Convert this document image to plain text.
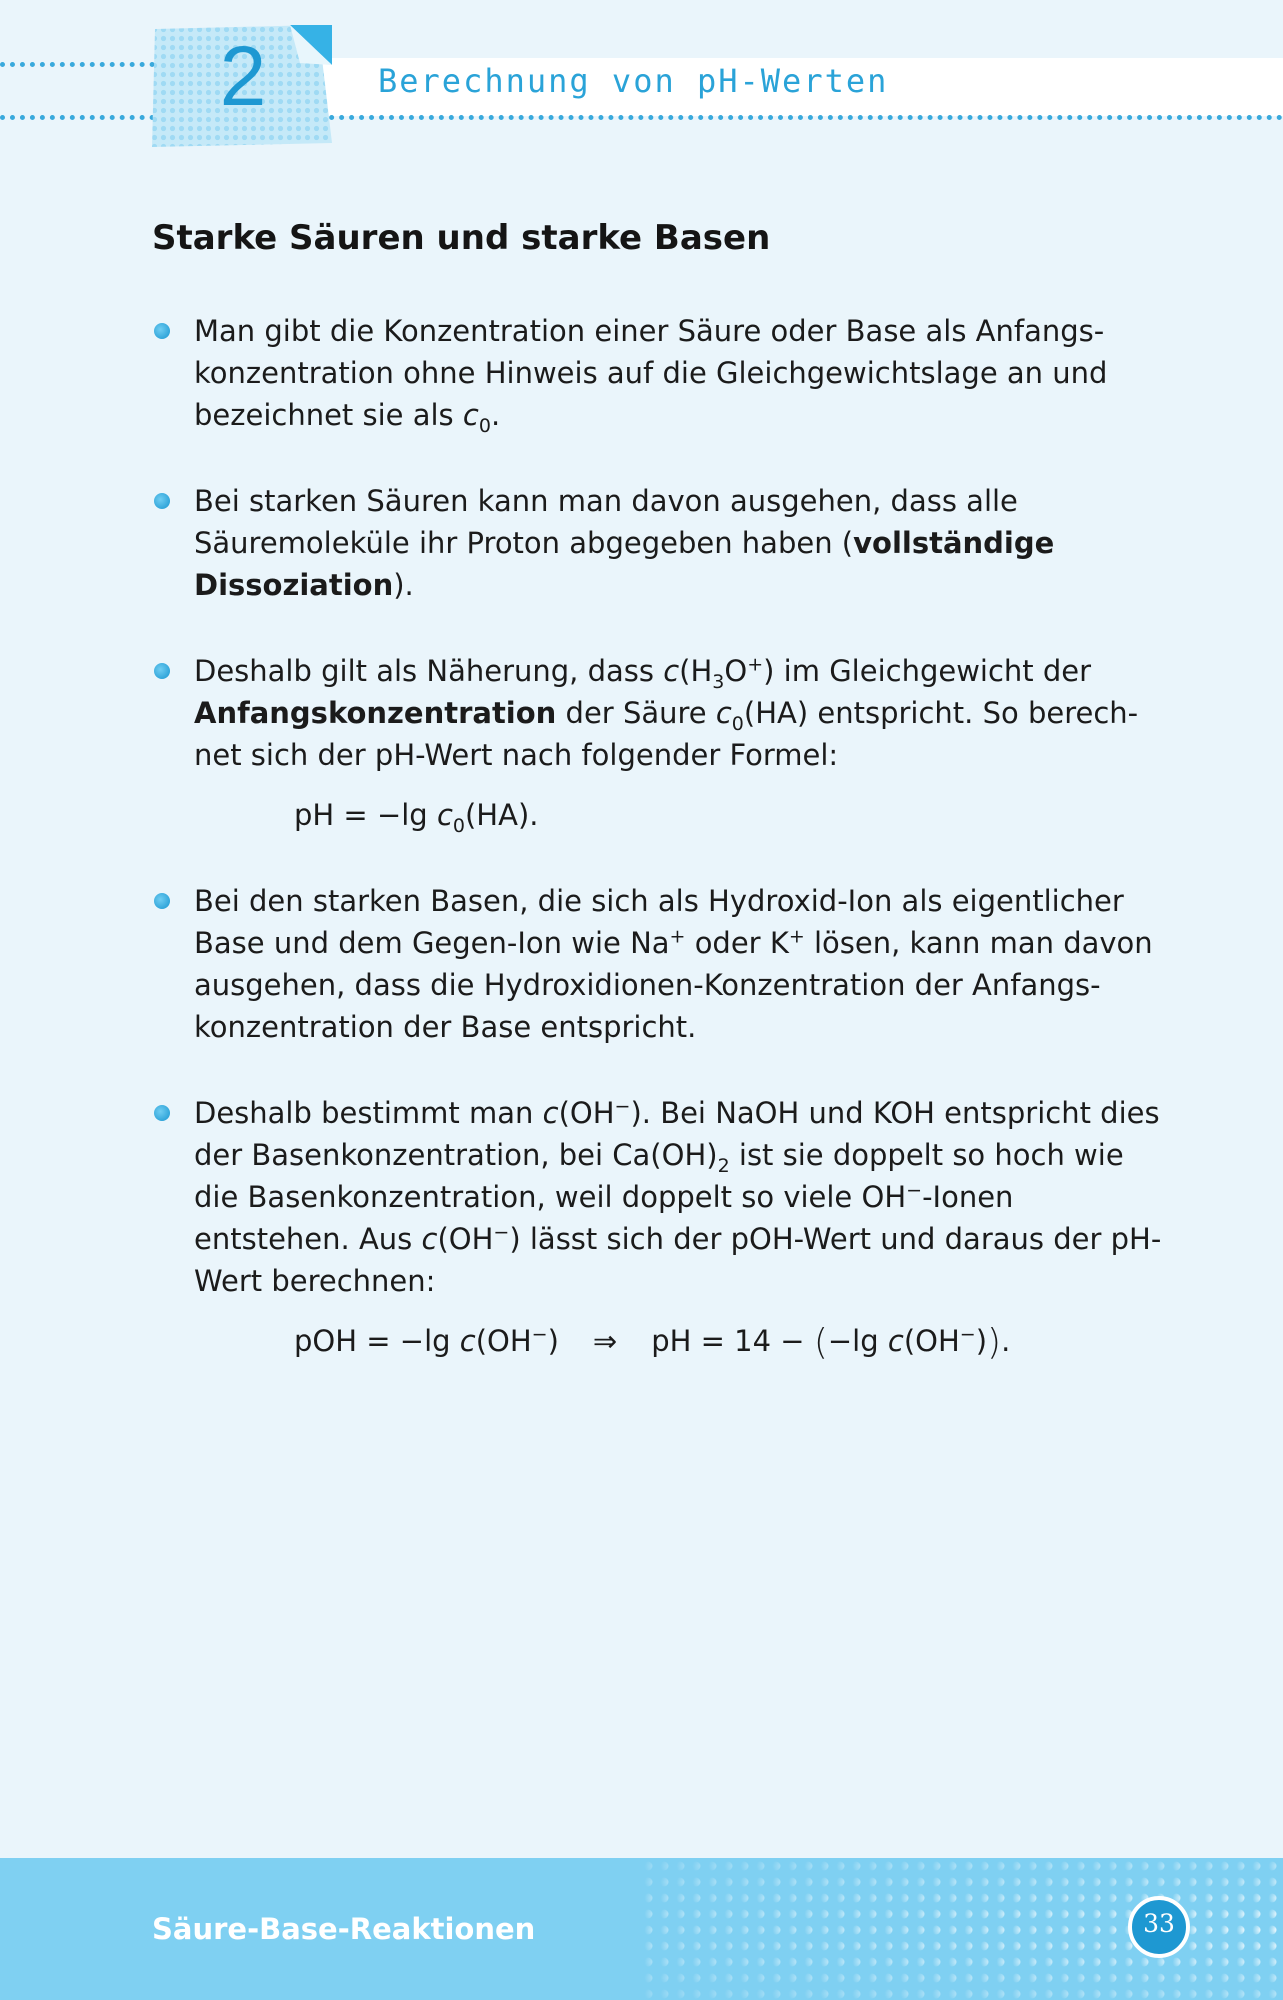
2	Berechnung von pH-Werten
Starke Säuren und starke Basen

Man gibt die Konzentration einer Säure oder Base als Anfangs-konzentration ohne Hinweis auf die Gleichgewichtslage an und bezeichnet sie als $c_0$.

Bei starken Säuren kann man davon ausgehen, dass alle Säuremoleküle ihr Proton abgegeben haben (vollständige Dissoziation).

Deshalb gilt als Näherung, dass $c(H_3O^+)$ im Gleichgewicht der Anfangskonzentration der Säure $c_0(HA)$ entspricht. So berech-net sich der pH-Wert nach folgender Formel:

pH = −lg $c_0(HA)$.

Bei den starken Basen, die sich als Hydroxid-Ion als eigentlicher Base und dem Gegen-Ion wie Na+ oder K+ lösen, kann man davon ausgehen, dass die Hydroxidionen-Konzentration der Anfangs-konzentration der Base entspricht.

Deshalb bestimmt man c(OH−). Bei NaOH und KOH entspricht dies der Basenkonzentration, bei $Ca(OH)_2$ ist sie doppelt so hoch wie die Basenkonzentration, weil doppelt so viele OH−-Ionen entstehen. Aus c(OH−) lässt sich der pOH-Wert und daraus der pH-Wert berechnen:

pOH = −lg c(OH−) ⇒ pH = 14 − (−lg c(OH−)).
Säure-Base-Reaktionen	33
